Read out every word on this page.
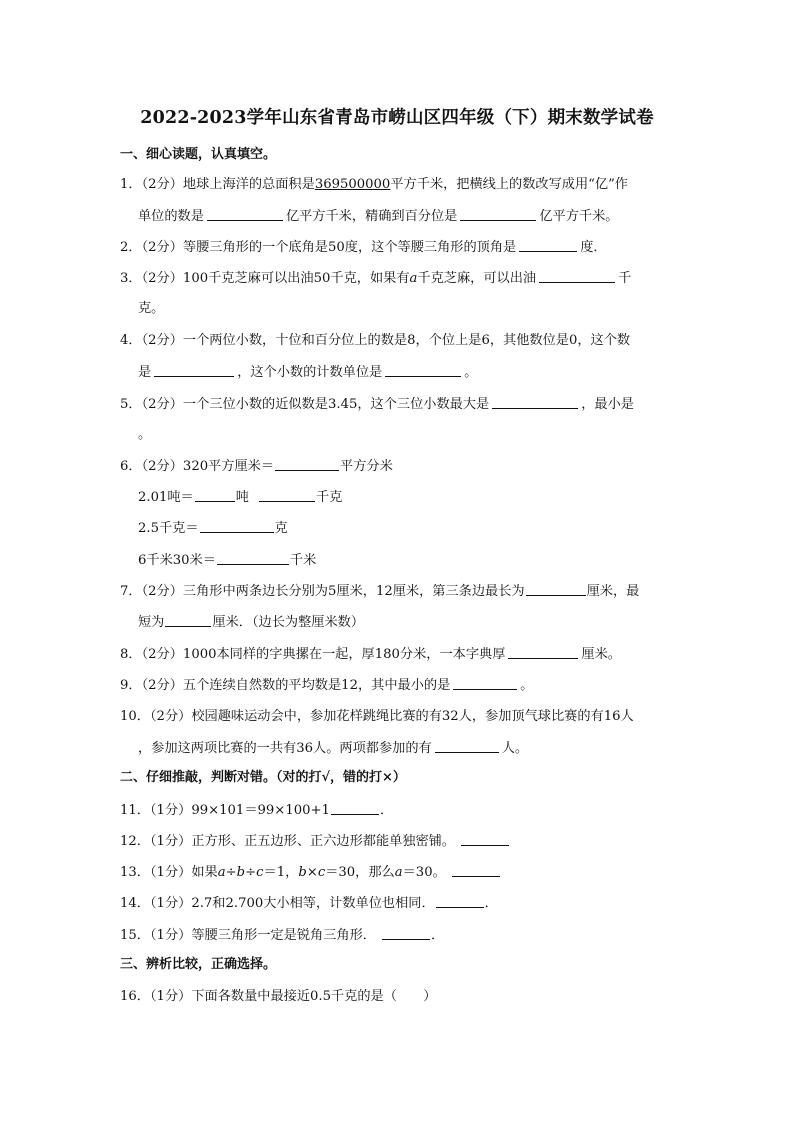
2022-2023学年山东省青岛市崂山区四年级（下）期末数学试卷
一、细心读题，认真填空。
1．（2分）地球上海洋的总面积是369500000平方千米，把横线上的数改写成用“亿”作
单位的数是	亿平方千米，精确到百分位是	亿平方千米。
2．（2分）等腰三角形的一个底角是50度，这个等腰三角形的顶角是	度．
3．（2分）100千克芝麻可以出油50千克，如果有a千克芝麻，可以出油	千
克。
4．（2分）一个两位小数，十位和百分位上的数是8，个位上是6，其他数位是0，这个数
是	，这个小数的计数单位是	。
5．（2分）一个三位小数的近似数是3.45，这个三位小数最大是	，最小是
。
6．（2分）320平方厘米＝	平方分米
2.01吨＝	吨	千克
2.5千克＝	克
6千米30米＝	千米
7．（2分）三角形中两条边长分别为5厘米，12厘米，第三条边最长为	厘米，最
短为	厘米．（边长为整厘米数）
8．（2分）1000本同样的字典摞在一起，厚180分米，一本字典厚	厘米。
9．（2分）五个连续自然数的平均数是12，其中最小的是	。
10．（2分）校园趣味运动会中，参加花样跳绳比赛的有32人，参加顶气球比赛的有16人
，参加这两项比赛的一共有36人。两项都参加的有	人。
二、仔细推敲，判断对错。（对的打√，错的打×）
11．（1分）99×101＝99×100+1	．
12．（1分）正方形、正五边形、正六边形都能单独密铺。
13．（1分）如果a÷b÷c＝1，b×c＝30，那么a＝30。
14．（1分）2.7和2.700大小相等，计数单位也相同．	．
15．（1分）等腰三角形一定是锐角三角形．	．
三、辨析比较，正确选择。
16．（1分）下面各数量中最接近0.5千克的是（　　）
